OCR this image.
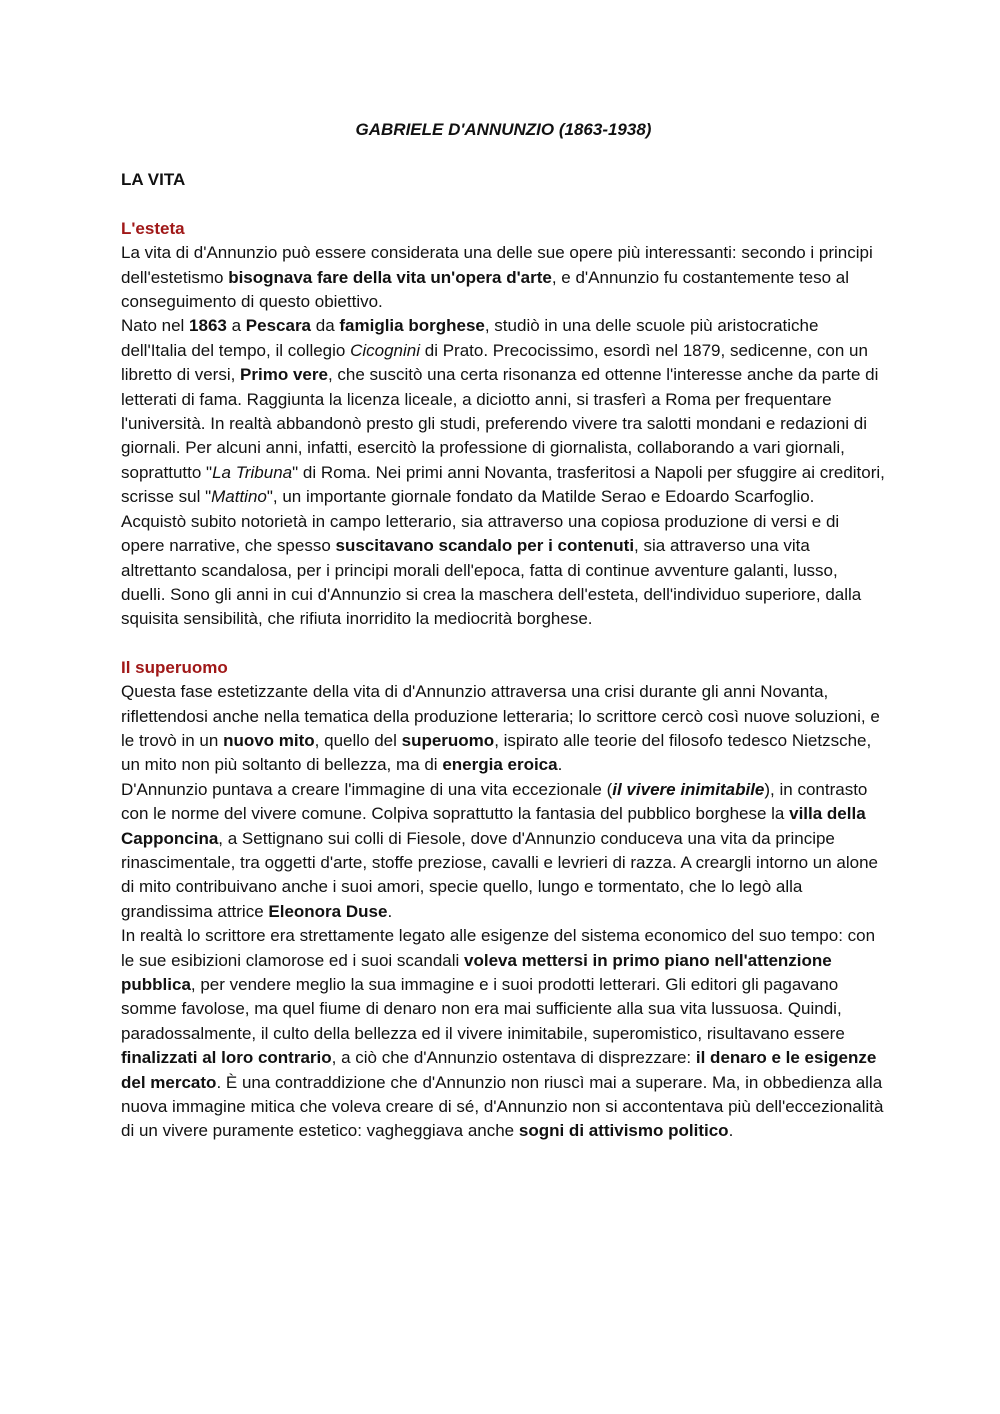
GABRIELE D'ANNUNZIO (1863-1938)
LA VITA
L'esteta

La vita di d'Annunzio può essere considerata una delle sue opere più interessanti: secondo i principi dell'estetismo bisognava fare della vita un'opera d'arte, e d'Annunzio fu costantemente teso al conseguimento di questo obiettivo.

Nato nel 1863 a Pescara da famiglia borghese, studiò in una delle scuole più aristocratiche dell'Italia del tempo, il collegio Cicognini di Prato. Precocissimo, esordì nel 1879, sedicenne, con un libretto di versi, Primo vere, che suscitò una certa risonanza ed ottenne l'interesse anche da parte di letterati di fama. Raggiunta la licenza liceale, a diciotto anni, si trasferì a Roma per frequentare l'università. In realtà abbandonò presto gli studi, preferendo vivere tra salotti mondani e redazioni di giornali. Per alcuni anni, infatti, esercitò la professione di giornalista, collaborando a vari giornali, soprattutto "La Tribuna" di Roma. Nei primi anni Novanta, trasferitosi a Napoli per sfuggire ai creditori, scrisse sul "Mattino", un importante giornale fondato da Matilde Serao e Edoardo Scarfoglio.

Acquistò subito notorietà in campo letterario, sia attraverso una copiosa produzione di versi e di opere narrative, che spesso suscitavano scandalo per i contenuti, sia attraverso una vita altrettanto scandalosa, per i principi morali dell'epoca, fatta di continue avventure galanti, lusso, duelli. Sono gli anni in cui d'Annunzio si crea la maschera dell'esteta, dell'individuo superiore, dalla squisita sensibilità, che rifiuta inorridito la mediocrità borghese.

Il superuomo

Questa fase estetizzante della vita di d'Annunzio attraversa una crisi durante gli anni Novanta, riflettendosi anche nella tematica della produzione letteraria; lo scrittore cercò così nuove soluzioni, e le trovò in un nuovo mito, quello del superuomo, ispirato alle teorie del filosofo tedesco Nietzsche, un mito non più soltanto di bellezza, ma di energia eroica.

D'Annunzio puntava a creare l'immagine di una vita eccezionale (il vivere inimitabile), in contrasto con le norme del vivere comune. Colpiva soprattutto la fantasia del pubblico borghese la villa della Capponcina, a Settignano sui colli di Fiesole, dove d'Annunzio conduceva una vita da principe rinascimentale, tra oggetti d'arte, stoffe preziose, cavalli e levrieri di razza. A creargli intorno un alone di mito contribuivano anche i suoi amori, specie quello, lungo e tormentato, che lo legò alla grandissima attrice Eleonora Duse.

In realtà lo scrittore era strettamente legato alle esigenze del sistema economico del suo tempo: con le sue esibizioni clamorose ed i suoi scandali voleva mettersi in primo piano nell'attenzione pubblica, per vendere meglio la sua immagine e i suoi prodotti letterari. Gli editori gli pagavano somme favolose, ma quel fiume di denaro non era mai sufficiente alla sua vita lussuosa. Quindi, paradossalmente, il culto della bellezza ed il vivere inimitabile, superomistico, risultavano essere finalizzati al loro contrario, a ciò che d'Annunzio ostentava di disprezzare: il denaro e le esigenze del mercato. È una contraddizione che d'Annunzio non riuscì mai a superare. Ma, in obbedienza alla nuova immagine mitica che voleva creare di sé, d'Annunzio non si accontentava più dell'eccezionalità di un vivere puramente estetico: vagheggiava anche sogni di attivismo politico.
